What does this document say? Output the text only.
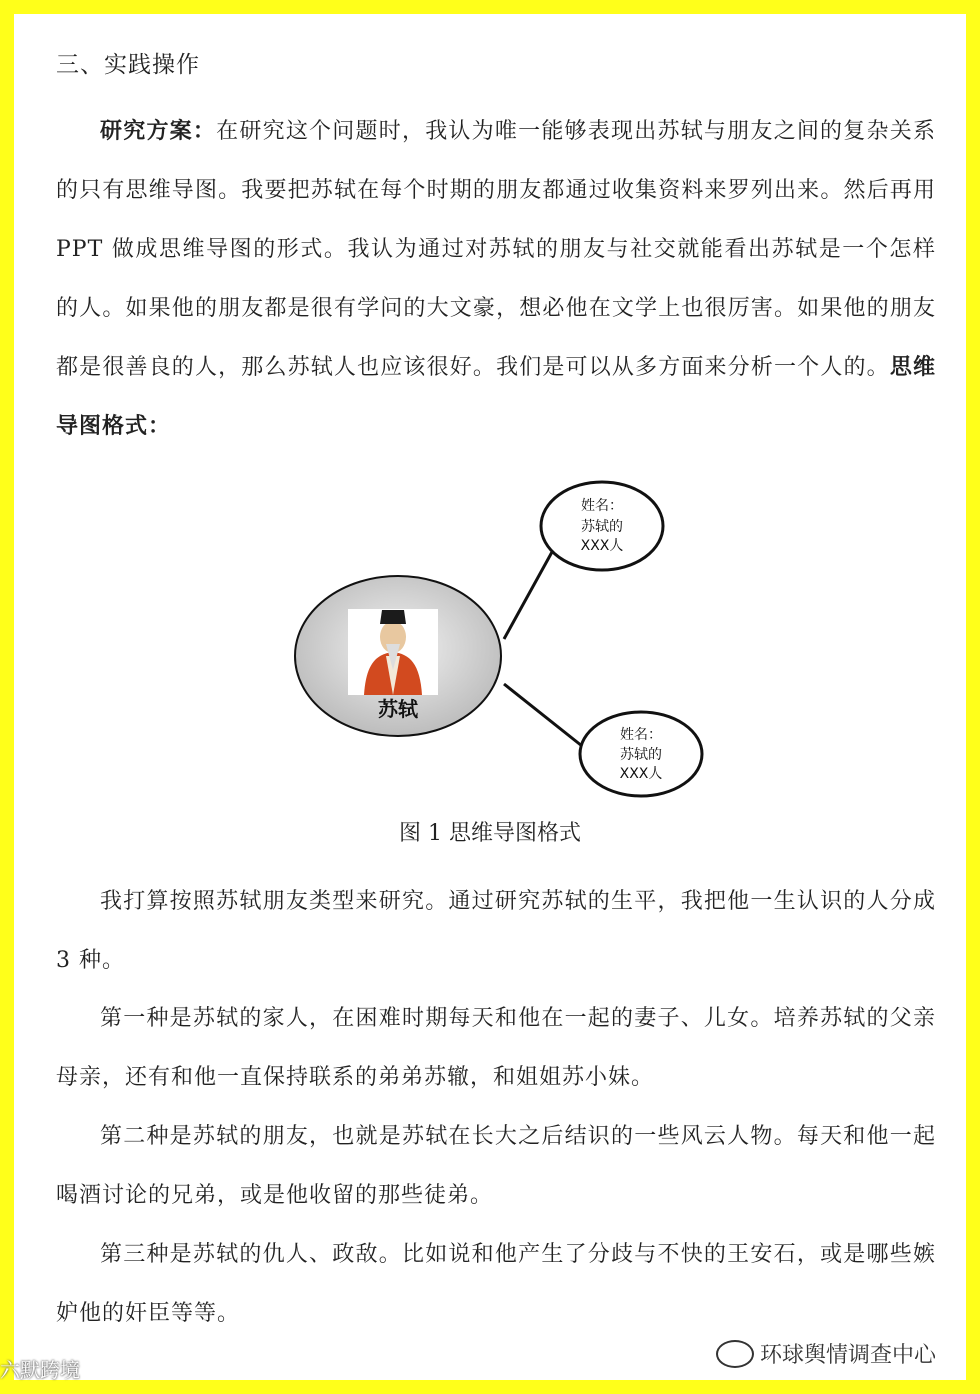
三、实践操作
研究方案：在研究这个问题时，我认为唯一能够表现出苏轼与朋友之间的复杂关系的只有思维导图。我要把苏轼在每个时期的朋友都通过收集资料来罗列出来。然后再用 PPT 做成思维导图的形式。我认为通过对苏轼的朋友与社交就能看出苏轼是一个怎样的人。如果他的朋友都是很有学问的大文豪，想必他在文学上也很厉害。如果他的朋友都是很善良的人，那么苏轼人也应该很好。我们是可以从多方面来分析一个人的。思维导图格式：
苏轼
姓名：
苏轼的
XXX人
姓名：
苏轼的
XXX人
图 1 思维导图格式
我打算按照苏轼朋友类型来研究。通过研究苏轼的生平，我把他一生认识的人分成 3 种。
第一种是苏轼的家人，在困难时期每天和他在一起的妻子、儿女。培养苏轼的父亲母亲，还有和他一直保持联系的弟弟苏辙，和姐姐苏小妹。
第二种是苏轼的朋友，也就是苏轼在长大之后结识的一些风云人物。每天和他一起喝酒讨论的兄弟，或是他收留的那些徒弟。
第三种是苏轼的仇人、政敌。比如说和他产生了分歧与不快的王安石，或是哪些嫉妒他的奸臣等等。
环球舆情调查中心
六默跨境
